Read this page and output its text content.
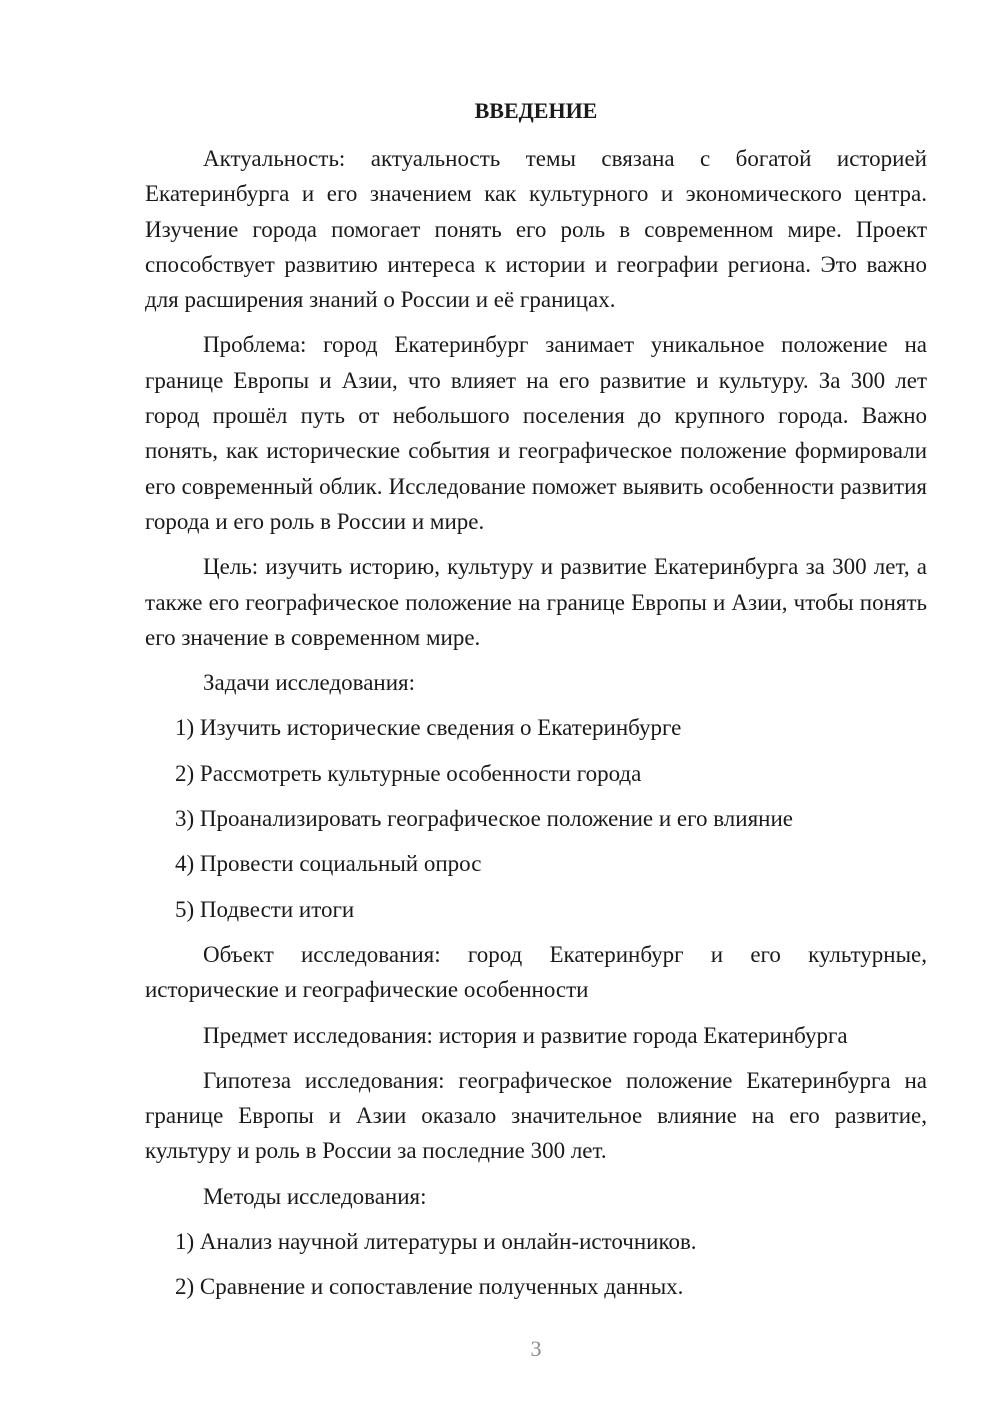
ВВЕДЕНИЕ

Актуальность: актуальность темы связана с богатой историей Екатеринбурга и его значением как культурного и экономического центра. Изучение города помогает понять его роль в современном мире. Проект способствует развитию интереса к истории и географии региона. Это важно для расширения знаний о России и её границах.

Проблема: город Екатеринбург занимает уникальное положение на границе Европы и Азии, что влияет на его развитие и культуру. За 300 лет город прошёл путь от небольшого поселения до крупного города. Важно понять, как исторические события и географическое положение формировали его современный облик. Исследование поможет выявить особенности развития города и его роль в России и мире.

Цель: изучить историю, культуру и развитие Екатеринбурга за 300 лет, а также его географическое положение на границе Европы и Азии, чтобы понять его значение в современном мире.

Задачи исследования:

1) Изучить исторические сведения о Екатеринбурге

2) Рассмотреть культурные особенности города

3) Проанализировать географическое положение и его влияние

4) Провести социальный опрос

5) Подвести итоги

Объект исследования: город Екатеринбург и его культурные, исторические и географические особенности

Предмет исследования: история и развитие города Екатеринбурга

Гипотеза исследования: географическое положение Екатеринбурга на границе Европы и Азии оказало значительное влияние на его развитие, культуру и роль в России за последние 300 лет.

Методы исследования:

1) Анализ научной литературы и онлайн-источников.

2) Сравнение и сопоставление полученных данных.

3
